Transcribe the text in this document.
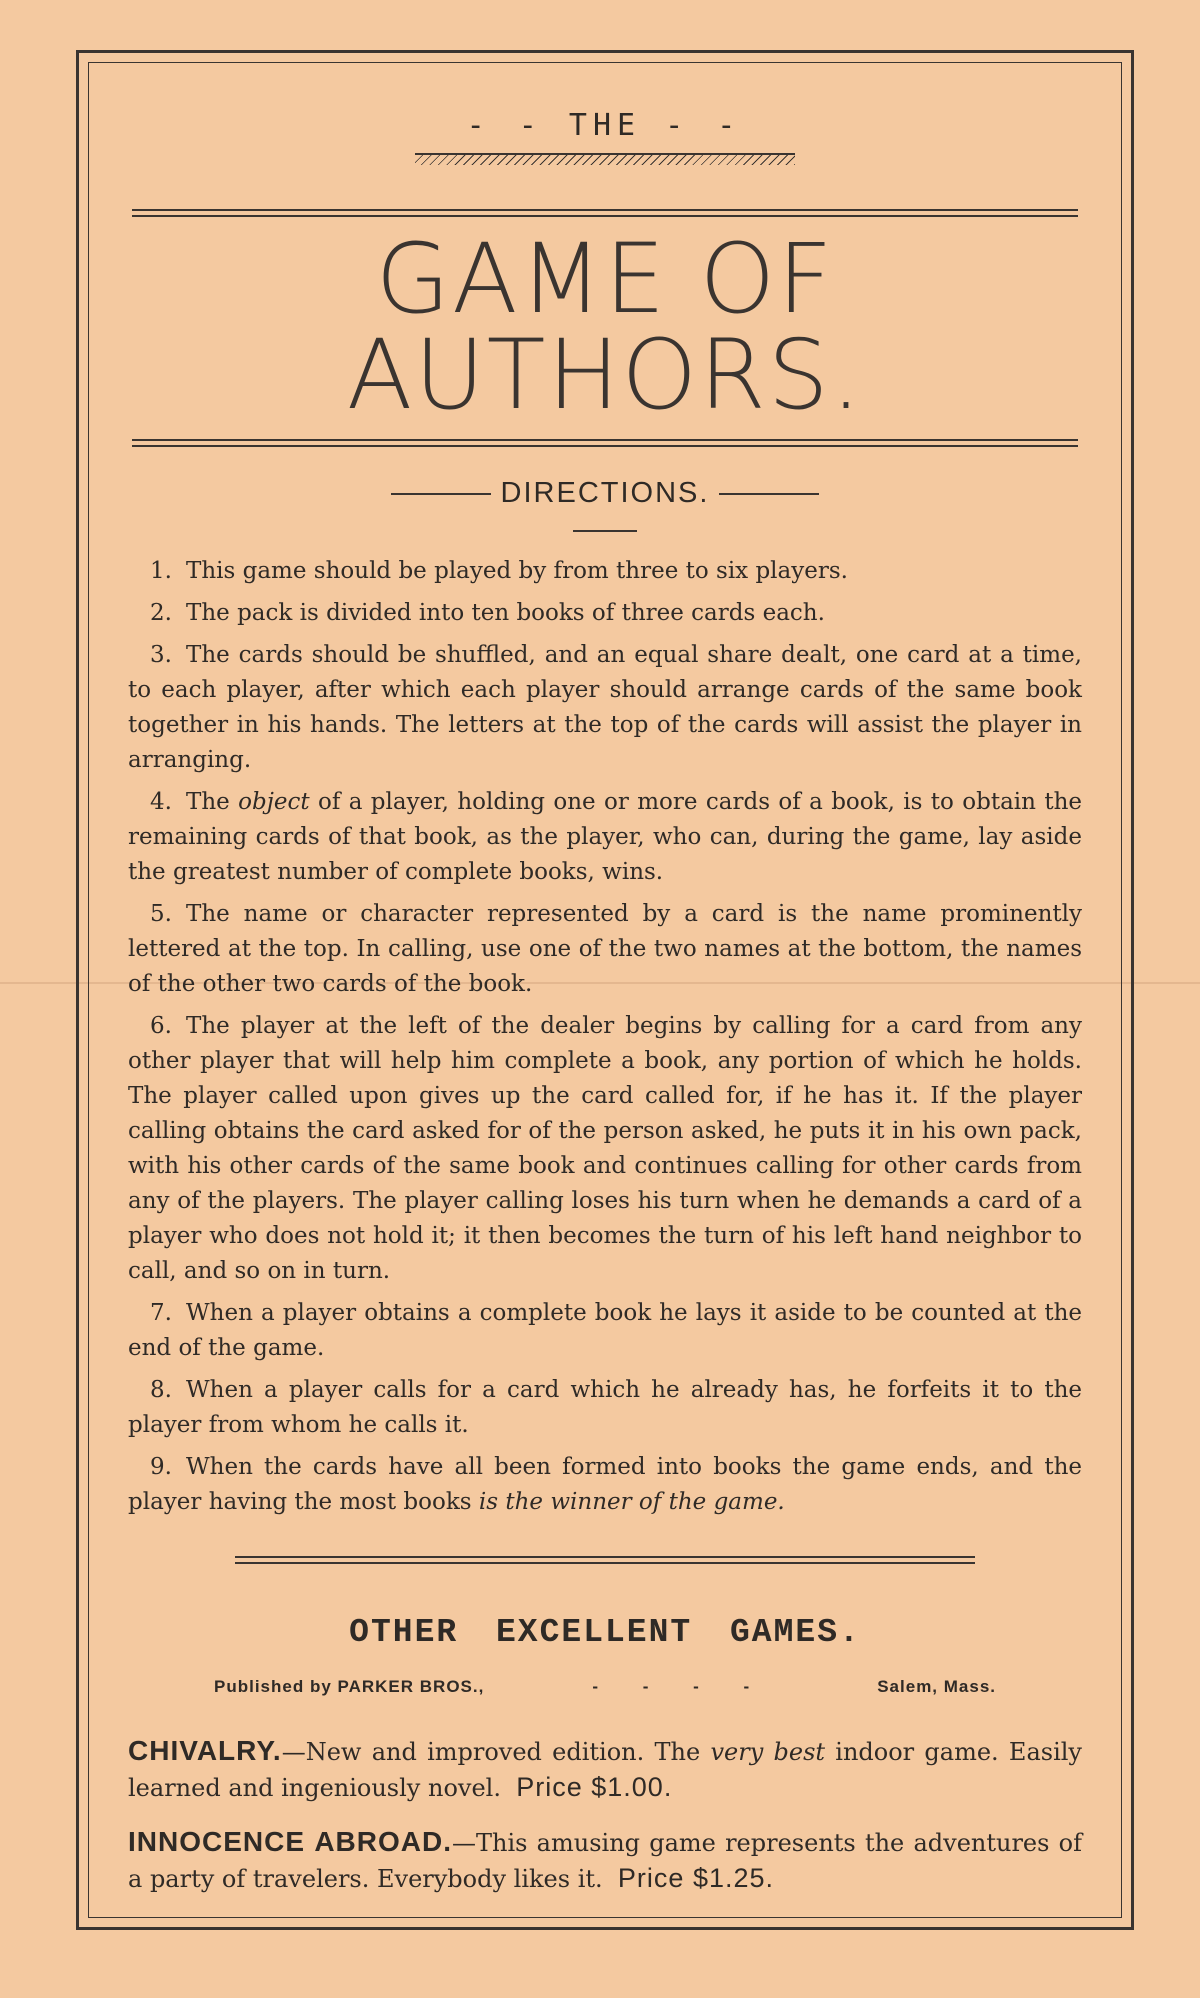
- - THE - -
GAME OF AUTHORS.
DIRECTIONS.
1. This game should be played by from three to six players.
2. The pack is divided into ten books of three cards each.
3. The cards should be shuffled, and an equal share dealt, one card at a time, to each player, after which each player should arrange cards of the same book together in his hands. The letters at the top of the cards will assist the player in arranging.
4. The object of a player, holding one or more cards of a book, is to obtain the remaining cards of that book, as the player, who can, during the game, lay aside the greatest number of complete books, wins.
5. The name or character represented by a card is the name prominently lettered at the top. In calling, use one of the two names at the bottom, the names of the other two cards of the book.
6. The player at the left of the dealer begins by calling for a card from any other player that will help him complete a book, any portion of which he holds. The player called upon gives up the card called for, if he has it. If the player calling obtains the card asked for of the person asked, he puts it in his own pack, with his other cards of the same book and continues calling for other cards from any of the players. The player calling loses his turn when he demands a card of a player who does not hold it; it then becomes the turn of his left hand neighbor to call, and so on in turn.
7. When a player obtains a complete book he lays it aside to be counted at the end of the game.
8. When a player calls for a card which he already has, he forfeits it to the player from whom he calls it.
9. When the cards have all been formed into books the game ends, and the player having the most books is the winner of the game.
OTHER EXCELLENT GAMES.
Published by PARKER BROS.,	- - - -	Salem, Mass.
CHIVALRY.—New and improved edition. The very best indoor game. Easily learned and ingeniously novel. Price $1.00.
INNOCENCE ABROAD.—This amusing game represents the adventures of a party of travelers. Everybody likes it. Price $1.25.
